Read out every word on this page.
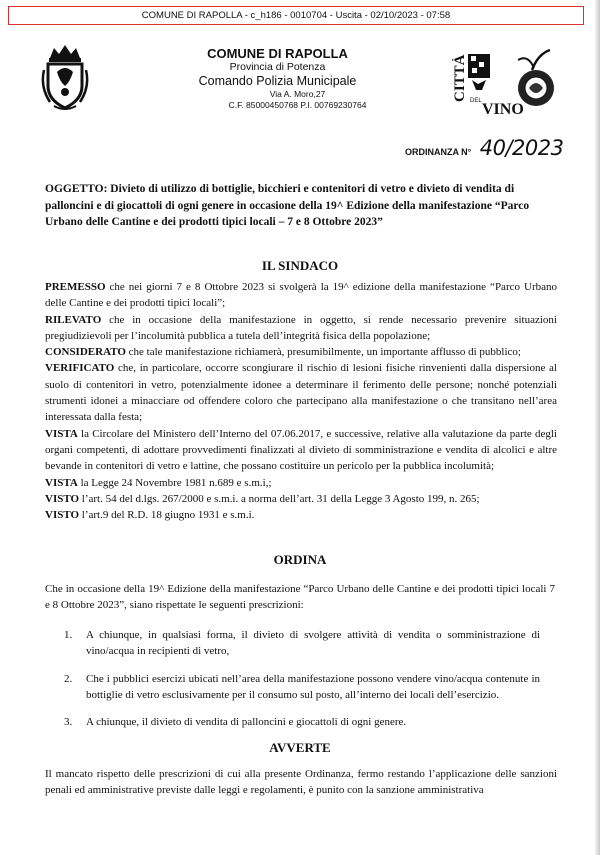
COMUNE DI RAPOLLA - c_h186 - 0010704 - Uscita - 02/10/2023 - 07:58
COMUNE DI RAPOLLA
Provincia di Potenza
Comando Polizia Municipale
Via A. Moro,27
C.F. 85000450768 P.I. 00769230764
CITTÀ DEL VINO
ORDINANZA N° 40/2023
OGGETTO: Divieto di utilizzo di bottiglie, bicchieri e contenitori di vetro e divieto di vendita di palloncini e di giocattoli di ogni genere in occasione della 19^ Edizione della manifestazione “Parco Urbano delle Cantine e dei prodotti tipici locali – 7 e 8 Ottobre 2023”
IL SINDACO

PREMESSO che nei giorni 7 e 8 Ottobre 2023 si svolgerà la 19^ edizione della manifestazione “Parco Urbano delle Cantine e dei prodotti tipici locali”;

RILEVATO che in occasione della manifestazione in oggetto, si rende necessario prevenire situazioni pregiudizievoli per l’incolumità pubblica a tutela dell’integrità fisica della popolazione;

CONSIDERATO che tale manifestazione richiamerà, presumibilmente, un importante afflusso di pubblico;

VERIFICATO che, in particolare, occorre scongiurare il rischio di lesioni fisiche rinvenienti dalla dispersione al suolo di contenitori in vetro, potenzialmente idonee a determinare il ferimento delle persone; nonché potenziali strumenti idonei a minacciare od offendere coloro che partecipano alla manifestazione o che transitano nell’area interessata dalla festa;

VISTA la Circolare del Ministero dell’Interno del 07.06.2017, e successive, relative alla valutazione da parte degli organi competenti, di adottare provvedimenti finalizzati al divieto di somministrazione e vendita di alcolici e altre bevande in contenitori di vetro e lattine, che possano costituire un pericolo per la pubblica incolumità;

VISTA la Legge 24 Novembre 1981 n.689 e s.m.i,;

VISTO l’art. 54 del d.lgs. 267/2000 e s.m.i. a norma dell’art. 31 della Legge 3 Agosto 199, n. 265;

VISTO l’art.9 del R.D. 18 giugno 1931 e s.m.i.

ORDINA
Che in occasione della 19^ Edizione della manifestazione “Parco Urbano delle Cantine e dei prodotti tipici locali 7 e 8 Ottobre 2023”, siano rispettate le seguenti prescrizioni:
1. A chiunque, in qualsiasi forma, il divieto di svolgere attività di vendita o somministrazione di vino/acqua in recipienti di vetro,
2. Che i pubblici esercizi ubicati nell’area della manifestazione possono vendere vino/acqua contenute in bottiglie di vetro esclusivamente per il consumo sul posto, all’interno dei locali dell’esercizio.
3. A chiunque, il divieto di vendita di palloncini e giocattoli di ogni genere.
AVVERTE
Il mancato rispetto delle prescrizioni di cui alla presente Ordinanza, fermo restando l’applicazione delle sanzioni penali ed amministrative previste dalle leggi e regolamenti, è punito con la sanzione amministrativa
